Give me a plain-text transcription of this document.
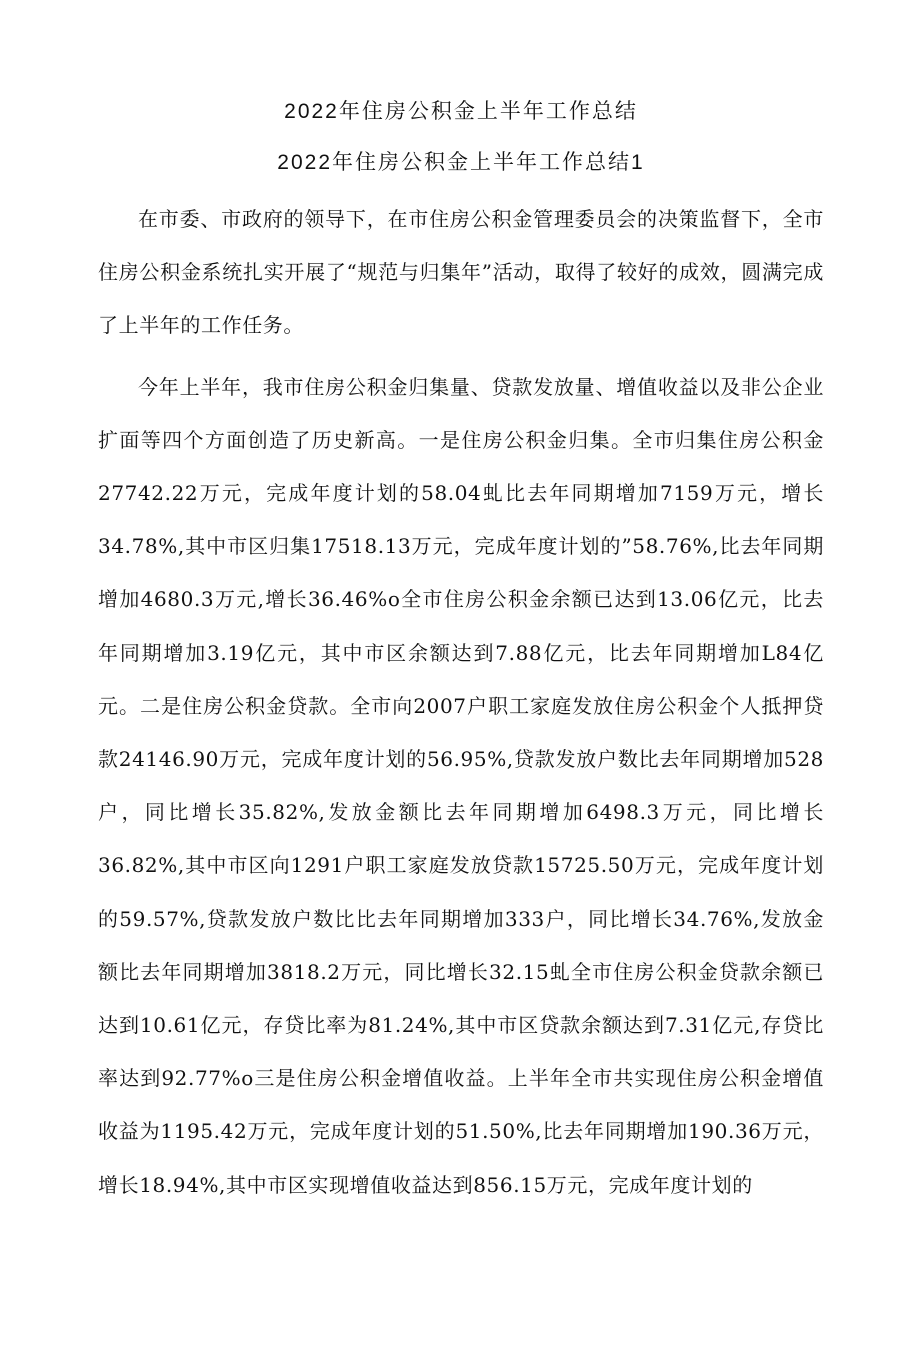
2022年住房公积金上半年工作总结
2022年住房公积金上半年工作总结1

在市委、市政府的领导下，在市住房公积金管理委员会的决策监督下，全市住房公积金系统扎实开展了“规范与归集年”活动，取得了较好的成效，圆满完成了上半年的工作任务。

今年上半年，我市住房公积金归集量、贷款发放量、增值收益以及非公企业扩面等四个方面创造了历史新高。一是住房公积金归集。全市归集住房公积金27742.22万元，完成年度计划的58.04虬比去年同期增加7159万元，增长34.78%,其中市区归集17518.13万元，完成年度计划的”58.76%,比去年同期增加4680.3万元,增长36.46%o全市住房公积金余额已达到13.06亿元，比去年同期增加3.19亿元，其中市区余额达到7.88亿元，比去年同期增加L84亿元。二是住房公积金贷款。全市向2007户职工家庭发放住房公积金个人抵押贷款24146.90万元，完成年度计划的56.95%,贷款发放户数比去年同期增加528户，同比增长35.82%,发放金额比去年同期增加6498.3万元，同比增长36.82%,其中市区向1291户职工家庭发放贷款15725.50万元，完成年度计划的59.57%,贷款发放户数比比去年同期增加333户，同比增长34.76%,发放金额比去年同期增加3818.2万元，同比增长32.15虬全市住房公积金贷款余额已达到10.61亿元，存贷比率为81.24%,其中市区贷款余额达到7.31亿元,存贷比率达到92.77%o三是住房公积金增值收益。上半年全市共实现住房公积金增值收益为1195.42万元，完成年度计划的51.50%,比去年同期增加190.36万元，增长18.94%,其中市区实现增值收益达到856.15万元，完成年度计划的
